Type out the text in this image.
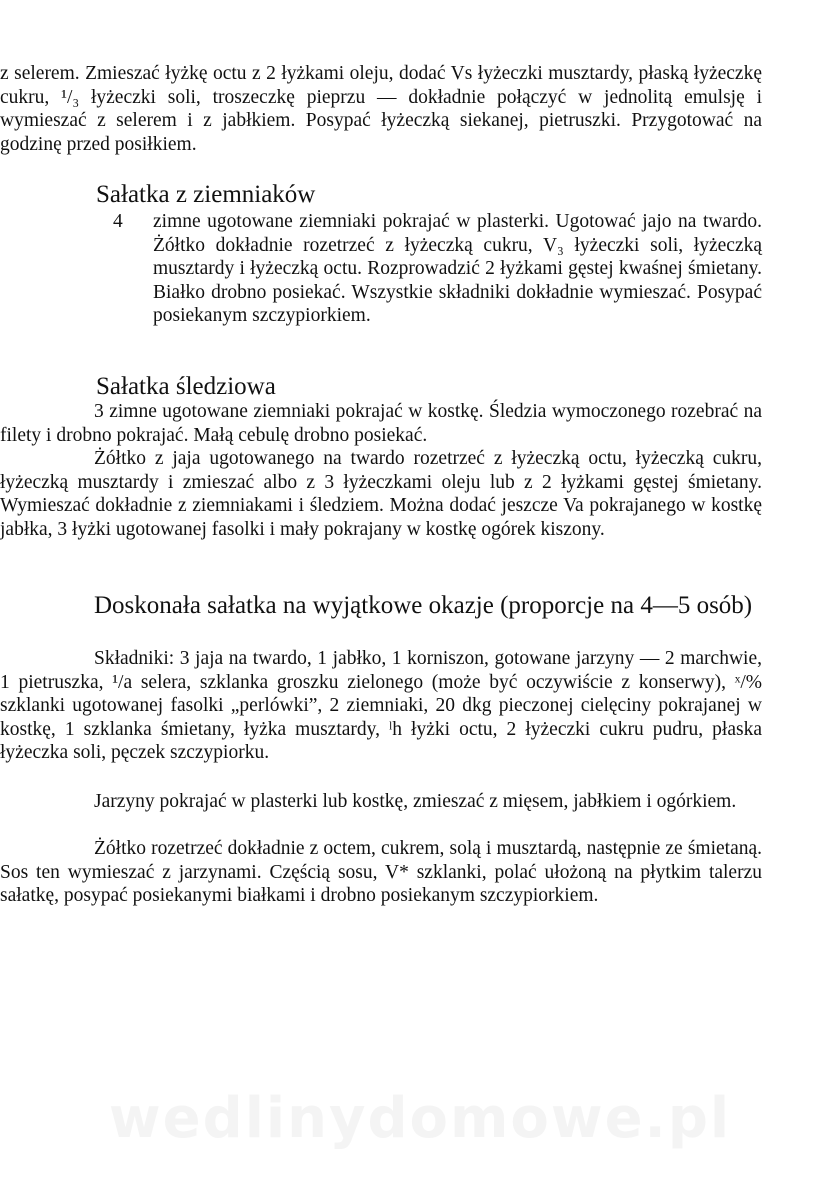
z selerem. Zmieszać łyżkę octu z 2 łyżkami oleju, dodać Vs łyżeczki musztardy, płaską łyżeczkę cukru, ¹/₃ łyżeczki soli, troszeczkę pieprzu — dokładnie połączyć w jednolitą emulsję i wymieszać z selerem i z jabłkiem. Posypać łyżeczką siekanej, pietruszki. Przygotować na godzinę przed posiłkiem.

Sałatka z ziemniaków
4 zimne ugotowane ziemniaki pokrajać w plasterki. Ugotować jajo na twardo. Żółtko dokładnie rozetrzeć z łyżeczką cukru, V₃ łyżeczki soli, łyżeczką musztardy i łyżeczką octu. Rozprowadzić 2 łyżkami gęstej kwaśnej śmietany. Białko drobno posiekać. Wszystkie składniki dokładnie wymieszać. Posypać posiekanym szczypiorkiem.

Sałatka śledziowa

3 zimne ugotowane ziemniaki pokrajać w kostkę. Śledzia wymoczonego rozebrać na filety i drobno pokrajać. Małą cebulę drobno posiekać.

Żółtko z jaja ugotowanego na twardo rozetrzeć z łyżeczką octu, łyżeczką cukru, łyżeczką musztardy i zmieszać albo z 3 łyżeczkami oleju lub z 2 łyżkami gęstej śmietany. Wymieszać dokładnie z ziemniakami i śledziem. Można dodać jeszcze Va pokrajanego w kostkę jabłka, 3 łyżki ugotowanej fasolki i mały pokrajany w kostkę ogórek kiszony.

Doskonała sałatka na wyjątkowe okazje (proporcje na 4—5 osób)

Składniki: 3 jaja na twardo, 1 jabłko, 1 korniszon, gotowane jarzyny — 2 marchwie, 1 pietruszka, ¹/a selera, szklanka groszku zielonego (może być oczywiście z konserwy), ˣ/% szklanki ugotowanej fasolki „perlówki”, 2 ziemniaki, 20 dkg pieczonej cielęciny pokrajanej w kostkę, 1 szklanka śmietany, łyżka musztardy, ˡh łyżki octu, 2 łyżeczki cukru pudru, płaska łyżeczka soli, pęczek szczypiorku.

Jarzyny pokrajać w plasterki lub kostkę, zmieszać z mięsem, jabłkiem i ogórkiem.

Żółtko rozetrzeć dokładnie z octem, cukrem, solą i musztardą, następnie ze śmietaną. Sos ten wymieszać z jarzynami. Częścią sosu, V* szklanki, polać ułożoną na płytkim talerzu sałatkę, posypać posiekanymi białkami i drobno posiekanym szczypiorkiem.

wedlinydomowe.pl
